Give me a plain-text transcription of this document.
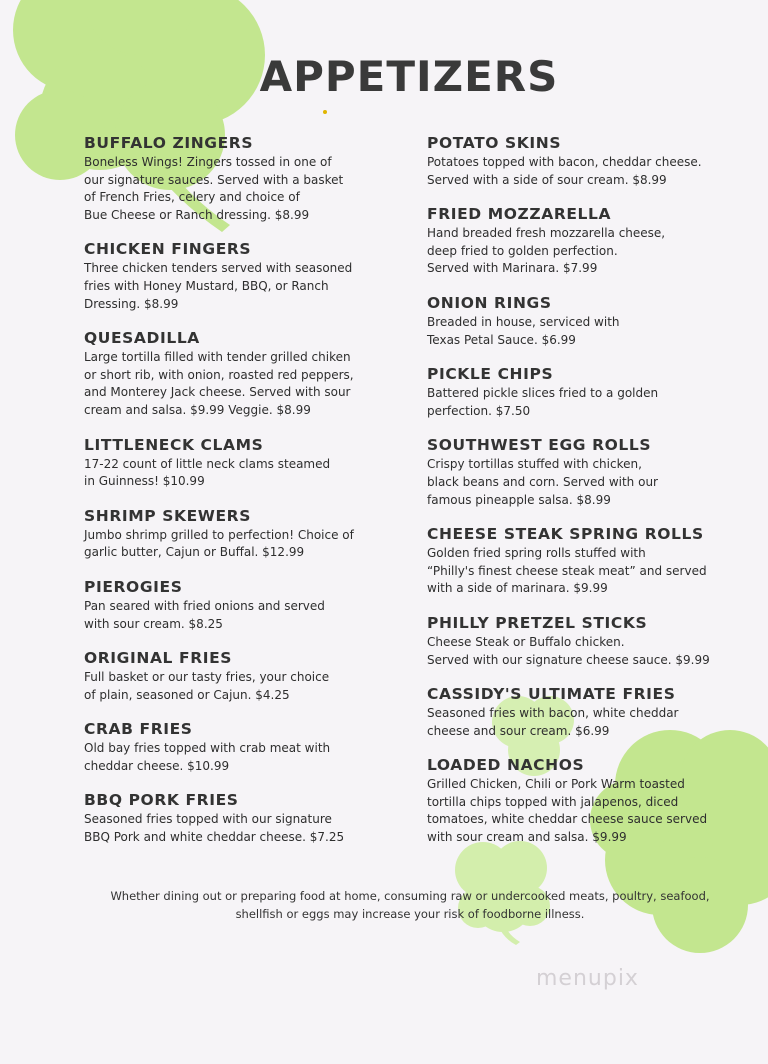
APPETIZERS
BUFFALO ZINGERS

Boneless Wings! Zingers tossed in one of
our signature sauces. Served with a basket
of French Fries, celery and choice of
Bue Cheese or Ranch dressing. $8.99

CHICKEN FINGERS

Three chicken tenders served with seasoned
fries with Honey Mustard, BBQ, or Ranch
Dressing. $8.99

QUESADILLA

Large tortilla filled with tender grilled chiken
or short rib, with onion, roasted red peppers,
and Monterey Jack cheese. Served with sour
cream and salsa. $9.99 Veggie. $8.99

LITTLENECK CLAMS

17-22 count of little neck clams steamed
in Guinness! $10.99

SHRIMP SKEWERS

Jumbo shrimp grilled to perfection! Choice of
garlic butter, Cajun or Buffal. $12.99

PIEROGIES

Pan seared with fried onions and served
with sour cream. $8.25

ORIGINAL FRIES

Full basket or our tasty fries, your choice
of plain, seasoned or Cajun. $4.25

CRAB FRIES

Old bay fries topped with crab meat with
cheddar cheese. $10.99

BBQ PORK FRIES

Seasoned fries topped with our signature
BBQ Pork and white cheddar cheese. $7.25

POTATO SKINS

Potatoes topped with bacon, cheddar cheese.
Served with a side of sour cream. $8.99

FRIED MOZZARELLA

Hand breaded fresh mozzarella cheese,
deep fried to golden perfection.
Served with Marinara. $7.99

ONION RINGS

Breaded in house, serviced with
Texas Petal Sauce. $6.99

PICKLE CHIPS

Battered pickle slices fried to a golden
perfection. $7.50

SOUTHWEST EGG ROLLS

Crispy tortillas stuffed with chicken,
black beans and corn. Served with our
famous pineapple salsa. $8.99

CHEESE STEAK SPRING ROLLS

Golden fried spring rolls stuffed with
“Philly's finest cheese steak meat” and served
with a side of marinara. $9.99

PHILLY PRETZEL STICKS

Cheese Steak or Buffalo chicken.
Served with our signature cheese sauce. $9.99

CASSIDY'S ULTIMATE FRIES

Seasoned fries with bacon, white cheddar
cheese and sour cream. $6.99

LOADED NACHOS

Grilled Chicken, Chili or Pork Warm toasted
tortilla chips topped with jalapenos, diced
tomatoes, white cheddar cheese sauce served
with sour cream and salsa. $9.99

Whether dining out or preparing food at home, consuming raw or undercooked meats, poultry, seafood,
shellfish or eggs may increase your risk of foodborne illness.

menupix
